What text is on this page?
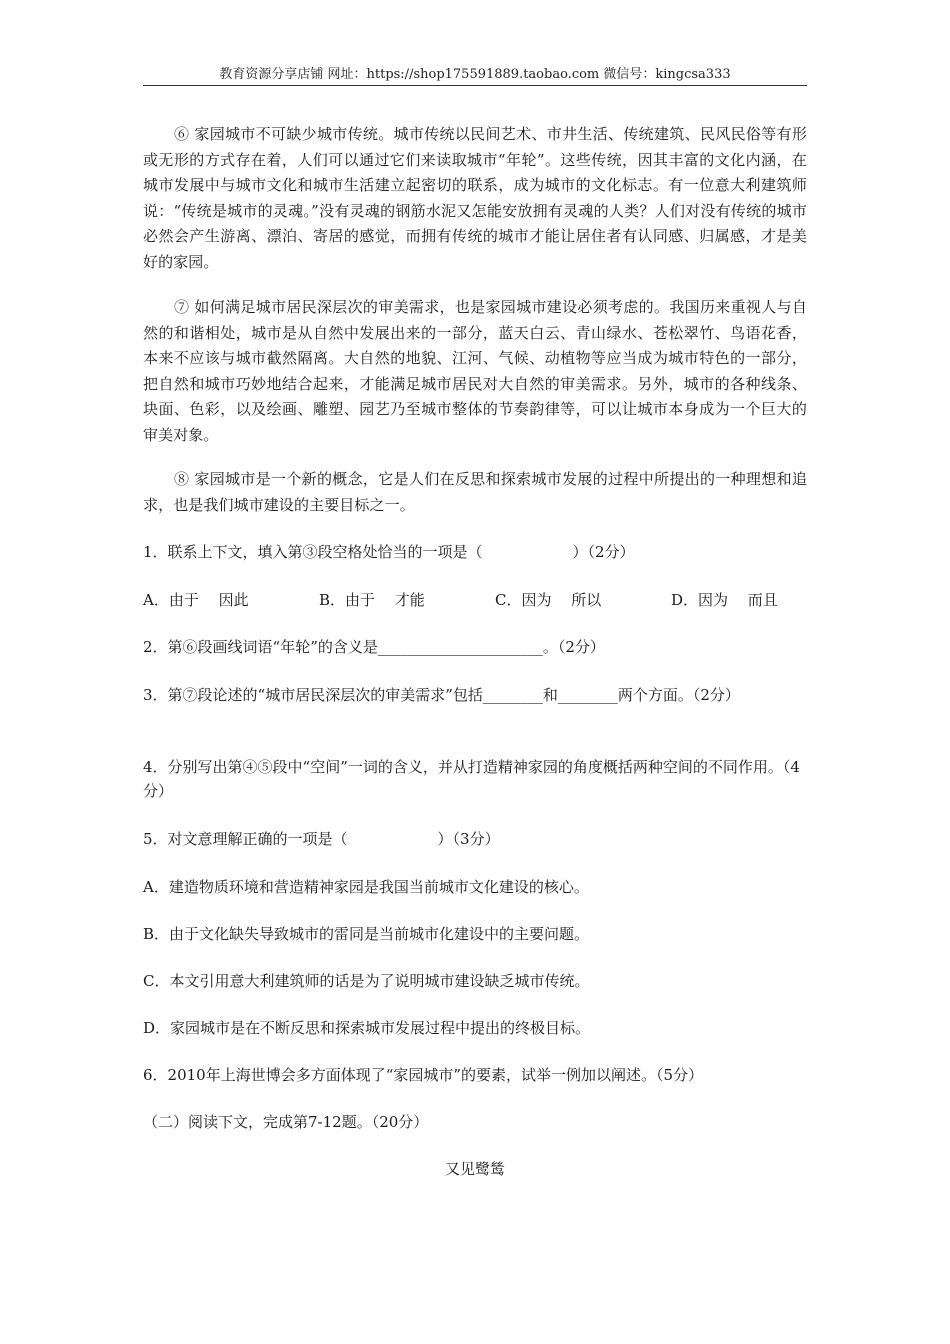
教育资源分享店铺 网址：https://shop175591889.taobao.com 微信号：kingcsa333

⑥ 家园城市不可缺少城市传统。城市传统以民间艺术、市井生活、传统建筑、民风民俗等有形或无形的方式存在着，人们可以通过它们来读取城市“年轮”。这些传统，因其丰富的文化内涵，在城市发展中与城市文化和城市生活建立起密切的联系，成为城市的文化标志。有一位意大利建筑师说：“传统是城市的灵魂。”没有灵魂的钢筋水泥又怎能安放拥有灵魂的人类？人们对没有传统的城市必然会产生游离、漂泊、寄居的感觉，而拥有传统的城市才能让居住者有认同感、归属感，才是美好的家园。

⑦ 如何满足城市居民深层次的审美需求，也是家园城市建设必须考虑的。我国历来重视人与自然的和谐相处，城市是从自然中发展出来的一部分，蓝天白云、青山绿水、苍松翠竹、鸟语花香，本来不应该与城市截然隔离。大自然的地貌、江河、气候、动植物等应当成为城市特色的一部分，把自然和城市巧妙地结合起来，才能满足城市居民对大自然的审美需求。另外，城市的各种线条、块面、色彩，以及绘画、雕塑、园艺乃至城市整体的节奏韵律等，可以让城市本身成为一个巨大的审美对象。

⑧ 家园城市是一个新的概念，它是人们在反思和探索城市发展的过程中所提出的一种理想和追求，也是我们城市建设的主要目标之一。

1．联系上下文，填入第③段空格处恰当的一项是（　　　　　　）（2分）

A．由于　 因此	B．由于　 才能	C．因为　 所以	D．因为　 而且

2．第⑥段画线词语“年轮”的含义是______________________。（2分）

3．第⑦段论述的“城市居民深层次的审美需求”包括________和________两个方面。（2分）

4．分别写出第④⑤段中“空间”一词的含义，并从打造精神家园的角度概括两种空间的不同作用。（4分）

5．对文意理解正确的一项是（　　　　　　）（3分）

A．建造物质环境和营造精神家园是我国当前城市文化建设的核心。

B．由于文化缺失导致城市的雷同是当前城市化建设中的主要问题。

C．本文引用意大利建筑师的话是为了说明城市建设缺乏城市传统。

D．家园城市是在不断反思和探索城市发展过程中提出的终极目标。

6．2010年上海世博会多方面体现了“家园城市”的要素，试举一例加以阐述。（5分）

（二）阅读下文，完成第7-12题。（20分）

又见鹭鸶
